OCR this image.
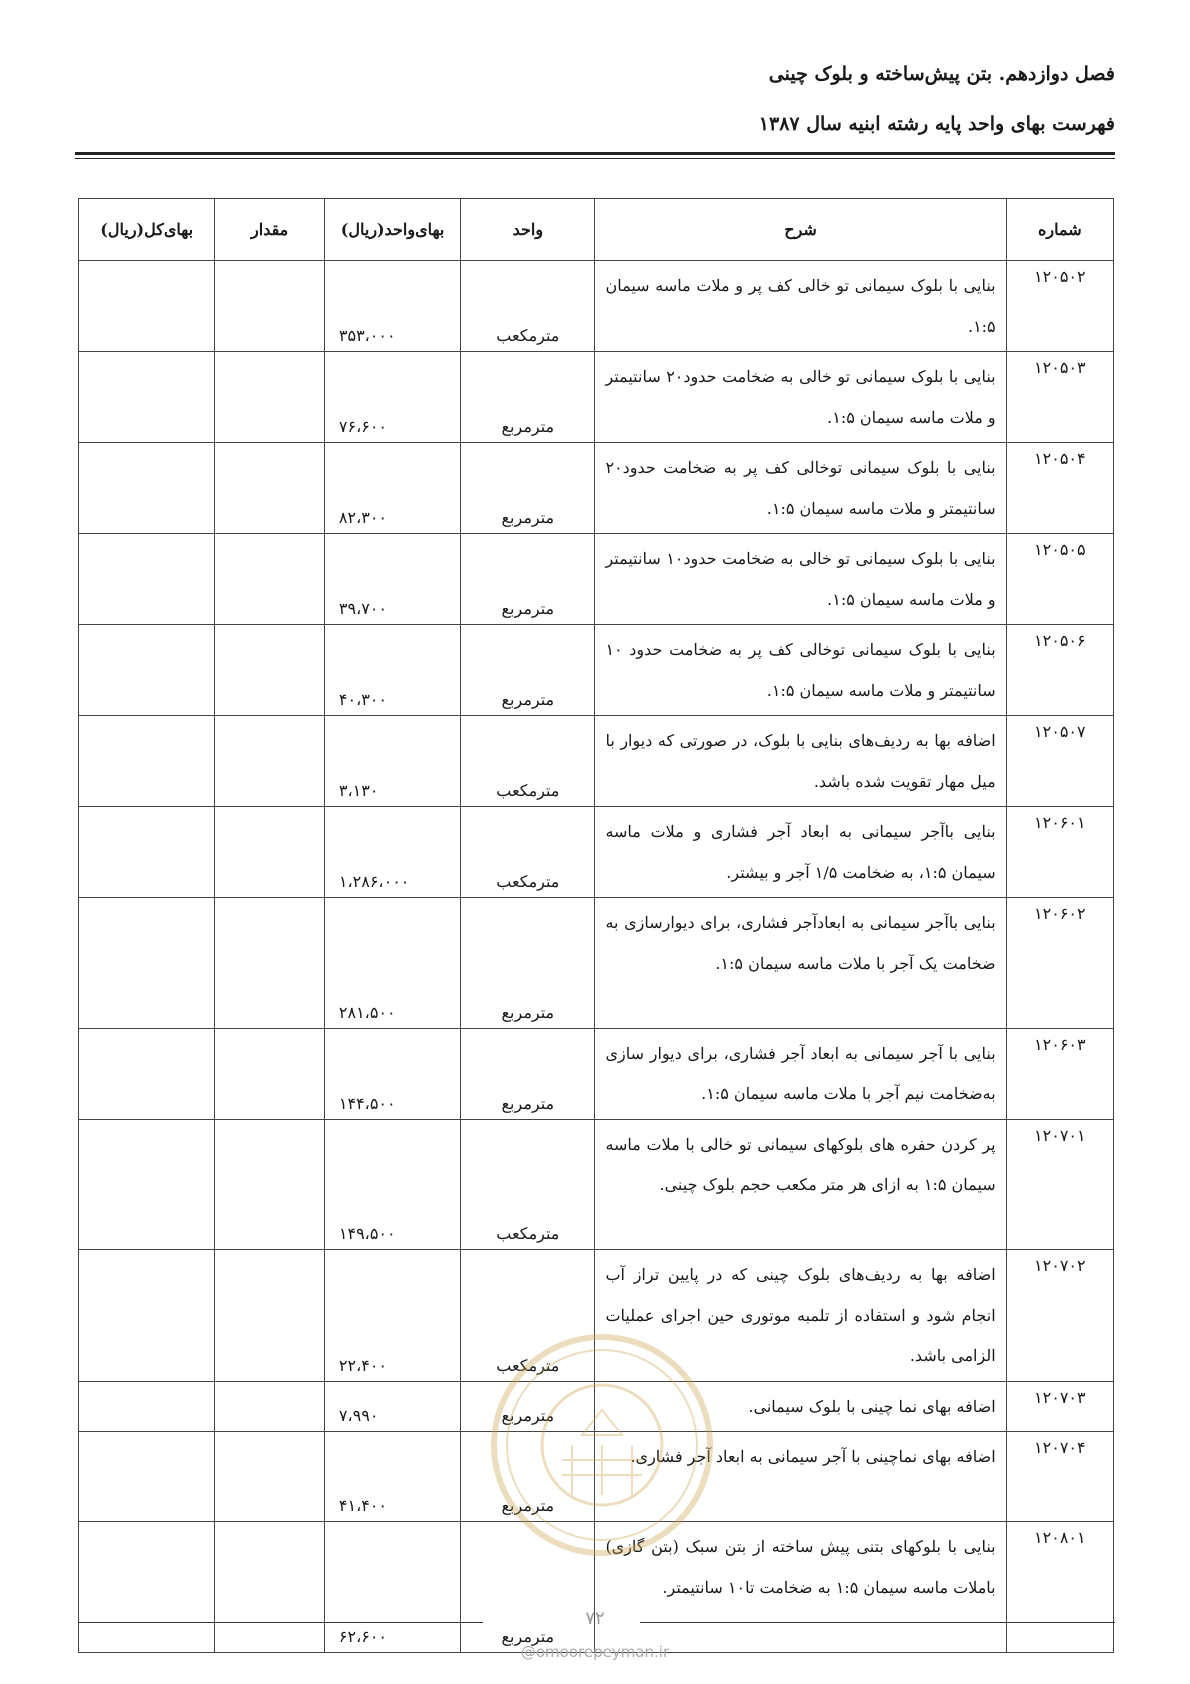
فصل دوازدهم. بتن پیش‌ساخته و بلوک چینی
فهرست بهای واحد پایه رشته ابنیه سال ۱۳۸۷
شماره	شرح	واحد	بهای‌واحد(ریال)	مقدار	بهای‌کل(ریال)
۱۲۰۵۰۲	بنایی با بلوک سیمانی تو خالی کف پر و ملات ماسه سیمان ۱:۵.	مترمکعب	۳۵۳،۰۰۰		
۱۲۰۵۰۳	بنایی با بلوک سیمانی تو خالی به ضخامت حدود۲۰ سانتیمتر و ملات ماسه سیمان ۱:۵.	مترمربع	۷۶،۶۰۰		
۱۲۰۵۰۴	بنایی با بلوک سیمانی توخالی کف پر به ضخامت حدود۲۰ سانتیمتر و ملات ماسه سیمان ۱:۵.	مترمربع	۸۲،۳۰۰		
۱۲۰۵۰۵	بنایی با بلوک سیمانی تو خالی به ضخامت حدود۱۰ سانتیمتر و ملات ماسه سیمان ۱:۵.	مترمربع	۳۹،۷۰۰		
۱۲۰۵۰۶	بنایی با بلوک سیمانی توخالی کف پر به ضخامت حدود ۱۰ سانتیمتر و ملات ماسه سیمان ۱:۵.	مترمربع	۴۰،۳۰۰		
۱۲۰۵۰۷	اضافه بها به ردیف‌های بنایی با بلوک، در صورتی که دیوار با میل مهار تقویت شده باشد.	مترمکعب	۳،۱۳۰		
۱۲۰۶۰۱	بنایی باآجر سیمانی به ابعاد آجر فشاری و ملات ماسه سیمان ۱:۵، به ضخامت ۱/۵ آجر و بیشتر.	مترمکعب	۱،۲۸۶،۰۰۰		
۱۲۰۶۰۲	بنایی باآجر سیمانی به ابعادآجر فشاری، برای دیوارسازی به ضخامت یک آجر با ملات ماسه سیمان ۱:۵.	مترمربع	۲۸۱،۵۰۰		
۱۲۰۶۰۳	بنایی با آجر سیمانی به ابعاد آجر فشاری، برای دیوار سازی به‌ضخامت نیم آجر با ملات ماسه سیمان ۱:۵.	مترمربع	۱۴۴،۵۰۰		
۱۲۰۷۰۱	پر کردن حفره های بلوکهای سیمانی تو خالی با ملات ماسه سیمان ۱:۵ به ازای هر متر مکعب حجم بلوک چینی.	مترمکعب	۱۴۹،۵۰۰		
۱۲۰۷۰۲	اضافه بها به ردیف‌های بلوک چینی که در پایین تراز آب انجام شود و استفاده از تلمبه موتوری حین اجرای عملیات الزامی باشد.	مترمکعب	۲۲،۴۰۰		
۱۲۰۷۰۳	اضافه بهای نما چینی با بلوک سیمانی.	مترمربع	۷،۹۹۰		
۱۲۰۷۰۴	اضافه بهای نماچینی با آجر سیمانی به ابعاد آجر فشاری.	مترمربع	۴۱،۴۰۰		
۱۲۰۸۰۱	بنایی با بلوکهای بتنی پیش ساخته از بتن سبک (بتن گازی) باملات ماسه سیمان ۱:۵ به ضخامت تا۱۰ سانتیمتر.	مترمربع	۶۲،۶۰۰		
۷۲
@omoorepeyman.ir
